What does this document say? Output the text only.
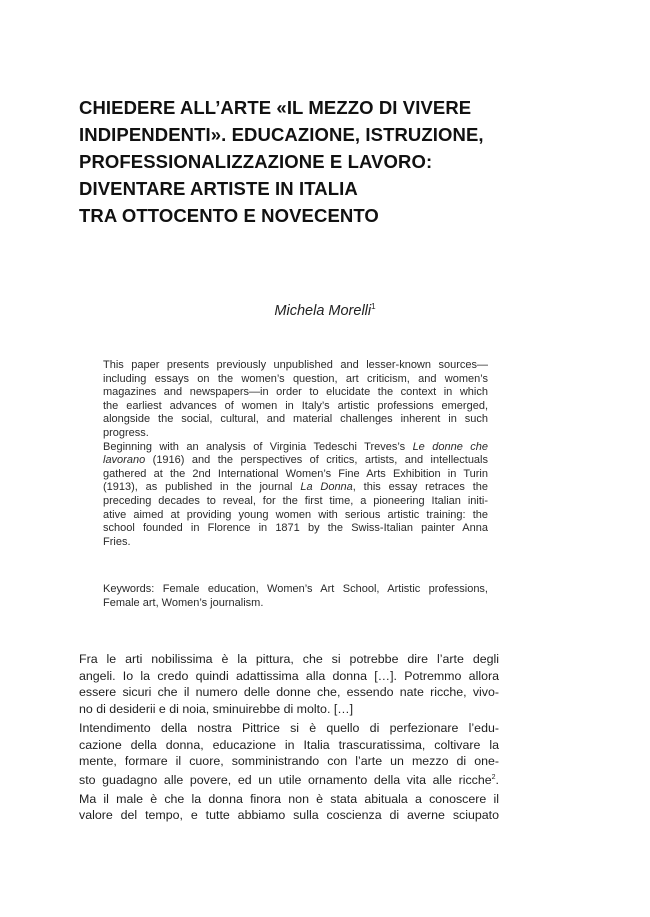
CHIEDERE ALL’ARTE «IL MEZZO DI VIVERE
INDIPENDENTI». EDUCAZIONE, ISTRUZIONE,
PROFESSIONALIZZAZIONE E LAVORO:
DIVENTARE ARTISTE IN ITALIA
TRA OTTOCENTO E NOVECENTO
Michela Morelli$^1$

This paper presents previously unpublished and lesser-known sources—
including essays on the women’s question, art criticism, and women’s
magazines and newspapers—in order to elucidate the context in which
the earliest advances of women in Italy’s artistic professions emerged,
alongside the social, cultural, and material challenges inherent in such
progress.

Beginning with an analysis of Virginia Tedeschi Treves’s Le donne che
lavorano (1916) and the perspectives of critics, artists, and intellectuals
gathered at the 2nd International Women’s Fine Arts Exhibition in Turin
(1913), as published in the journal La Donna, this essay retraces the
preceding decades to reveal, for the first time, a pioneering Italian initi-
ative aimed at providing young women with serious artistic training: the
school founded in Florence in 1871 by the Swiss-Italian painter Anna
Fries.

Keywords: Female education, Women’s Art School, Artistic professions,
Female art, Women’s journalism.
Fra le arti nobilissima è la pittura, che si potrebbe dire l’arte degli
angeli. Io la credo quindi adattissima alla donna […]. Potremmo allora
essere sicuri che il numero delle donne che, essendo nate ricche, vivo-
no di desiderii e di noia, sminuirebbe di molto. […]
Intendimento della nostra Pittrice si è quello di perfezionare l’edu-
cazione della donna, educazione in Italia trascuratissima, coltivare la
mente, formare il cuore, somministrando con l’arte un mezzo di one-
sto guadagno alle povere, ed un utile ornamento della vita alle ricche$^2$.
Ma il male è che la donna finora non è stata abituala a conoscere il
valore del tempo, e tutte abbiamo sulla coscienza di averne sciupato
